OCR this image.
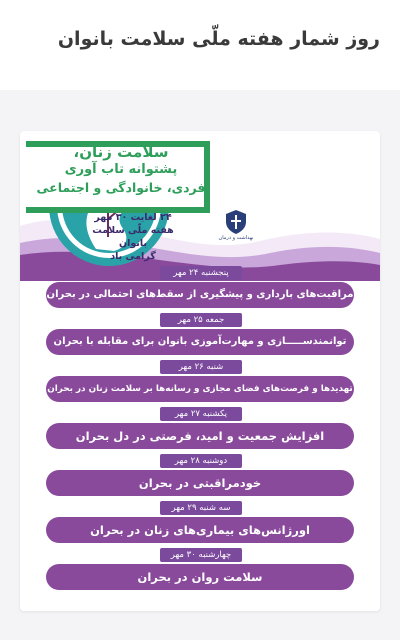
روز شمار هفته ملّی سلامت بانوان
سلامت زنان،
پشتوانه تاب آوری
فردی، خانوادگی و اجتماعی
بهداشت و درمان
۲۴ لغایت ۳۰ مهر
هفته ملّی سلامت بانوان
گرامی باد
پنجشنبه ۲۴ مهر
مراقبت‌های بارداری و پیشگیری از سقط‌های احتمالی در بحران
جمعه ۲۵ مهر
توانمندســـــازی و مهارت‌آموزی بانوان برای مقابله با بحران
شنبه ۲۶ مهر
تهدیدها و فرصت‌های فضای مجازی و رسانه‌ها بر سلامت زنان در بحران
یکشنبه ۲۷ مهر
افزایش جمعیت و امید، فرصتی در دل بحران
دوشنبه ۲۸ مهر
خودمراقبتی در بحران
سه شنبه ۲۹ مهر
اورژانس‌های بیماری‌های زنان در بحران
چهارشنبه ۳۰ مهر
سلامت روان در بحران
